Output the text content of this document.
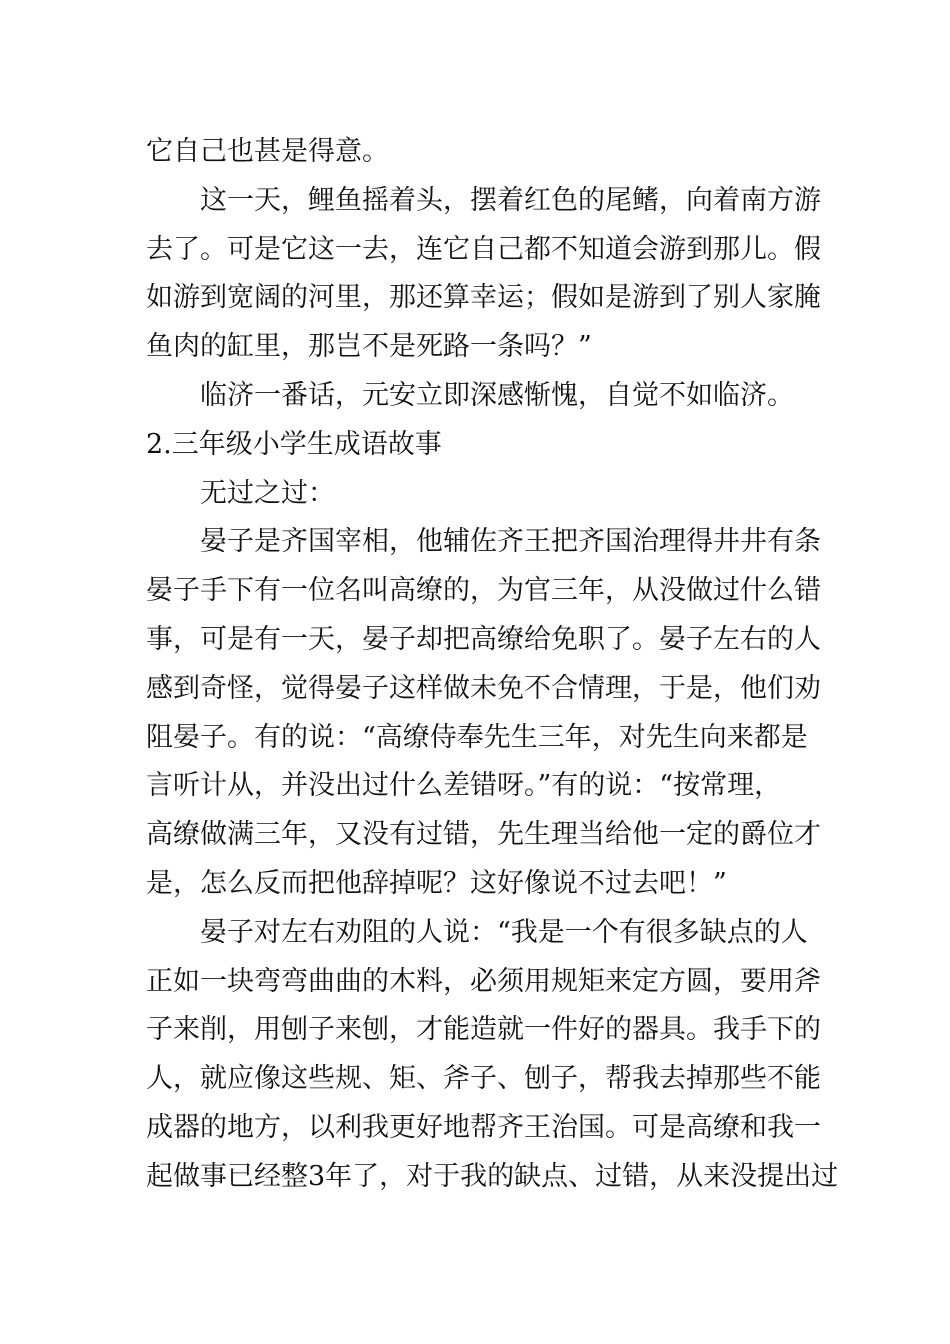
它自己也甚是得意。
这一天，鲤鱼摇着头，摆着红色的尾鳍，向着南方游
去了。可是它这一去，连它自己都不知道会游到那儿。假
如游到宽阔的河里，那还算幸运；假如是游到了别人家腌
鱼肉的缸里，那岂不是死路一条吗？”
临济一番话，元安立即深感惭愧，自觉不如临济。
2.三年级小学生成语故事
无过之过：
晏子是齐国宰相，他辅佐齐王把齐国治理得井井有条
晏子手下有一位名叫高缭的，为官三年，从没做过什么错
事，可是有一天，晏子却把高缭给免职了。晏子左右的人
感到奇怪，觉得晏子这样做未免不合情理，于是，他们劝
阻晏子。有的说：“高缭侍奉先生三年，对先生向来都是
言听计从，并没出过什么差错呀。”有的说：“按常理，
高缭做满三年，又没有过错，先生理当给他一定的爵位才
是，怎么反而把他辞掉呢？这好像说不过去吧！”
晏子对左右劝阻的人说：“我是一个有很多缺点的人
正如一块弯弯曲曲的木料，必须用规矩来定方圆，要用斧
子来削，用刨子来刨，才能造就一件好的器具。我手下的
人，就应像这些规、矩、斧子、刨子，帮我去掉那些不能
成器的地方，以利我更好地帮齐王治国。可是高缭和我一
起做事已经整3年了，对于我的缺点、过错，从来没提出过
